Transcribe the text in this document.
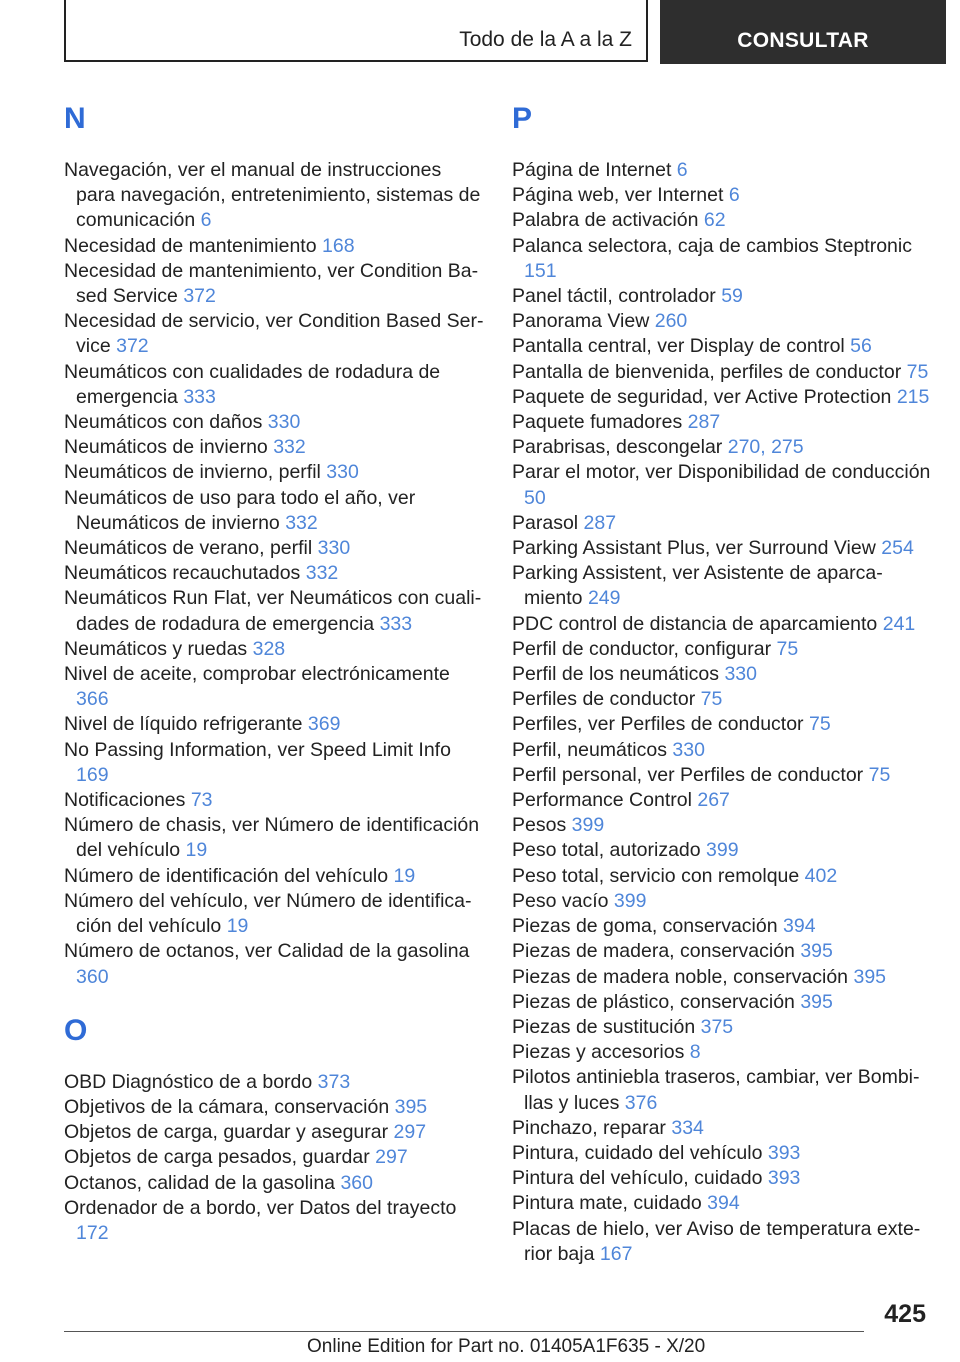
Todo de la A a la Z	CONSULTAR
N
Navegación, ver el manual de instrucciones para navegación, entretenimiento, sistemas de comunicación 6
Necesidad de mantenimiento 168
Necesidad de mantenimiento, ver Condition Based Service 372
Necesidad de servicio, ver Condition Based Service 372
Neumáticos con cualidades de rodadura de emergencia 333
Neumáticos con daños 330
Neumáticos de invierno 332
Neumáticos de invierno, perfil 330
Neumáticos de uso para todo el año, ver Neumáticos de invierno 332
Neumáticos de verano, perfil 330
Neumáticos recauchutados 332
Neumáticos Run Flat, ver Neumáticos con cualidades de rodadura de emergencia 333
Neumáticos y ruedas 328
Nivel de aceite, comprobar electrónicamente 366
Nivel de líquido refrigerante 369
No Passing Information, ver Speed Limit Info 169
Notificaciones 73
Número de chasis, ver Número de identificación del vehículo 19
Número de identificación del vehículo 19
Número del vehículo, ver Número de identificación del vehículo 19
Número de octanos, ver Calidad de la gasolina 360
O
OBD Diagnóstico de a bordo 373
Objetivos de la cámara, conservación 395
Objetos de carga, guardar y asegurar 297
Objetos de carga pesados, guardar 297
Octanos, calidad de la gasolina 360
Ordenador de a bordo, ver Datos del trayecto 172
P
Página de Internet 6
Página web, ver Internet 6
Palabra de activación 62
Palanca selectora, caja de cambios Steptronic 151
Panel táctil, controlador 59
Panorama View 260
Pantalla central, ver Display de control 56
Pantalla de bienvenida, perfiles de conductor 75
Paquete de seguridad, ver Active Protection 215
Paquete fumadores 287
Parabrisas, descongelar 270, 275
Parar el motor, ver Disponibilidad de conducción 50
Parasol 287
Parking Assistant Plus, ver Surround View 254
Parking Assistent, ver Asistente de aparcamiento 249
PDC control de distancia de aparcamiento 241
Perfil de conductor, configurar 75
Perfil de los neumáticos 330
Perfiles de conductor 75
Perfiles, ver Perfiles de conductor 75
Perfil, neumáticos 330
Perfil personal, ver Perfiles de conductor 75
Performance Control 267
Pesos 399
Peso total, autorizado 399
Peso total, servicio con remolque 402
Peso vacío 399
Piezas de goma, conservación 394
Piezas de madera, conservación 395
Piezas de madera noble, conservación 395
Piezas de plástico, conservación 395
Piezas de sustitución 375
Piezas y accesorios 8
Pilotos antiniebla traseros, cambiar, ver Bombillas y luces 376
Pinchazo, reparar 334
Pintura, cuidado del vehículo 393
Pintura del vehículo, cuidado 393
Pintura mate, cuidado 394
Placas de hielo, ver Aviso de temperatura exterior baja 167
425
Online Edition for Part no. 01405A1F635 - X/20
